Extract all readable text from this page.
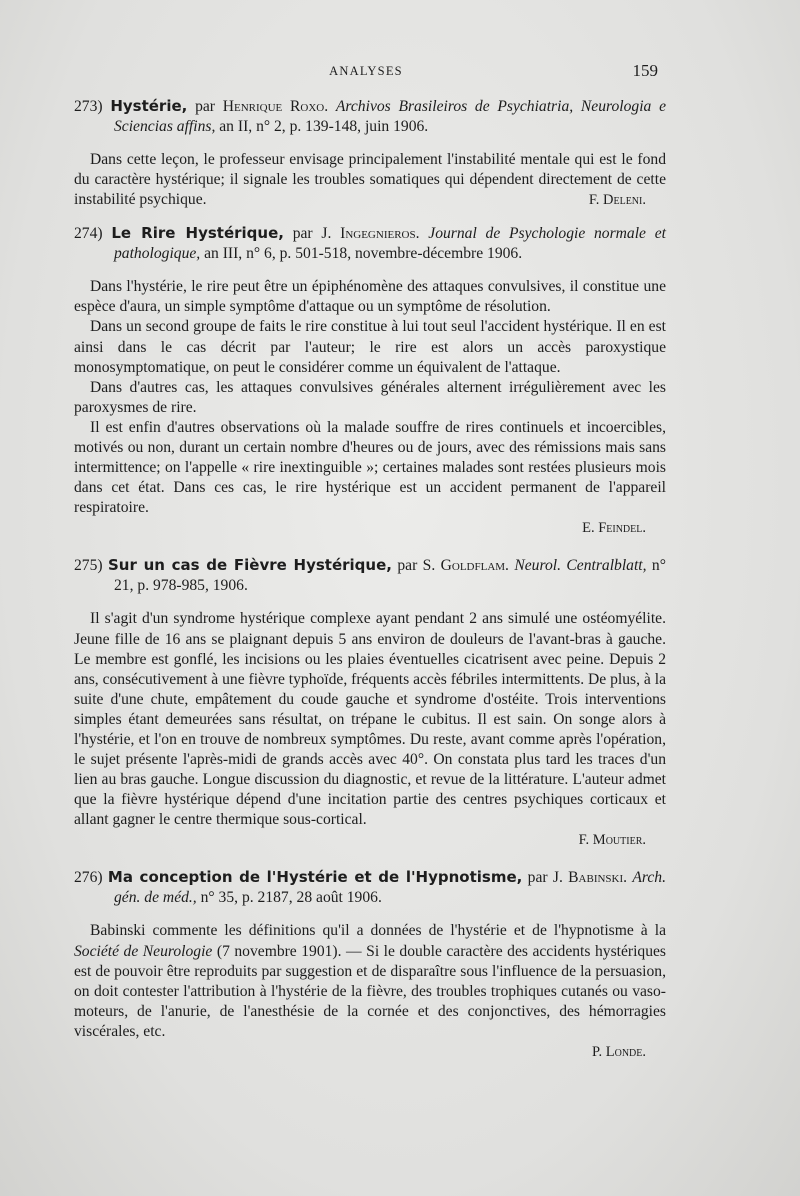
ANALYSES	159

273) Hystérie, par Henrique Roxo. Archivos Brasileiros de Psychiatria, Neurologia e Sciencias affins, an II, n° 2, p. 139-148, juin 1906.

Dans cette leçon, le professeur envisage principalement l'instabilité mentale qui est le fond du caractère hystérique; il signale les troubles somatiques qui dépendent directement de cette instabilité psychique.	F. Deleni.

274) Le Rire Hystérique, par J. Ingegnieros. Journal de Psychologie normale et pathologique, an III, n° 6, p. 501-518, novembre-décembre 1906.

Dans l'hystérie, le rire peut être un épiphénomène des attaques convulsives, il constitue une espèce d'aura, un simple symptôme d'attaque ou un symptôme de résolution.

Dans un second groupe de faits le rire constitue à lui tout seul l'accident hystérique. Il en est ainsi dans le cas décrit par l'auteur; le rire est alors un accès paroxystique monosymptomatique, on peut le considérer comme un équivalent de l'attaque.

Dans d'autres cas, les attaques convulsives générales alternent irrégulièrement avec les paroxysmes de rire.

Il est enfin d'autres observations où la malade souffre de rires continuels et incoercibles, motivés ou non, durant un certain nombre d'heures ou de jours, avec des rémissions mais sans intermittence; on l'appelle « rire inextinguible »; certaines malades sont restées plusieurs mois dans cet état. Dans ces cas, le rire hystérique est un accident permanent de l'appareil respiratoire.

E. Feindel.

275) Sur un cas de Fièvre Hystérique, par S. Goldflam. Neurol. Centralblatt, n° 21, p. 978-985, 1906.

Il s'agit d'un syndrome hystérique complexe ayant pendant 2 ans simulé une ostéomyélite. Jeune fille de 16 ans se plaignant depuis 5 ans environ de douleurs de l'avant-bras à gauche. Le membre est gonflé, les incisions ou les plaies éventuelles cicatrisent avec peine. Depuis 2 ans, consécutivement à une fièvre typhoïde, fréquents accès fébriles intermittents. De plus, à la suite d'une chute, empâtement du coude gauche et syndrome d'ostéite. Trois interventions simples étant demeurées sans résultat, on trépane le cubitus. Il est sain. On songe alors à l'hystérie, et l'on en trouve de nombreux symptômes. Du reste, avant comme après l'opération, le sujet présente l'après-midi de grands accès avec 40°. On constata plus tard les traces d'un lien au bras gauche. Longue discussion du diagnostic, et revue de la littérature. L'auteur admet que la fièvre hystérique dépend d'une incitation partie des centres psychiques corticaux et allant gagner le centre thermique sous-cortical.

F. Moutier.

276) Ma conception de l'Hystérie et de l'Hypnotisme, par J. Babinski. Arch. gén. de méd., n° 35, p. 2187, 28 août 1906.

Babinski commente les définitions qu'il a données de l'hystérie et de l'hypnotisme à la Société de Neurologie (7 novembre 1901). — Si le double caractère des accidents hystériques est de pouvoir être reproduits par suggestion et de disparaître sous l'influence de la persuasion, on doit contester l'attribution à l'hystérie de la fièvre, des troubles trophiques cutanés ou vaso-moteurs, de l'anurie, de l'anesthésie de la cornée et des conjonctives, des hémorragies viscérales, etc.

P. Londe.
